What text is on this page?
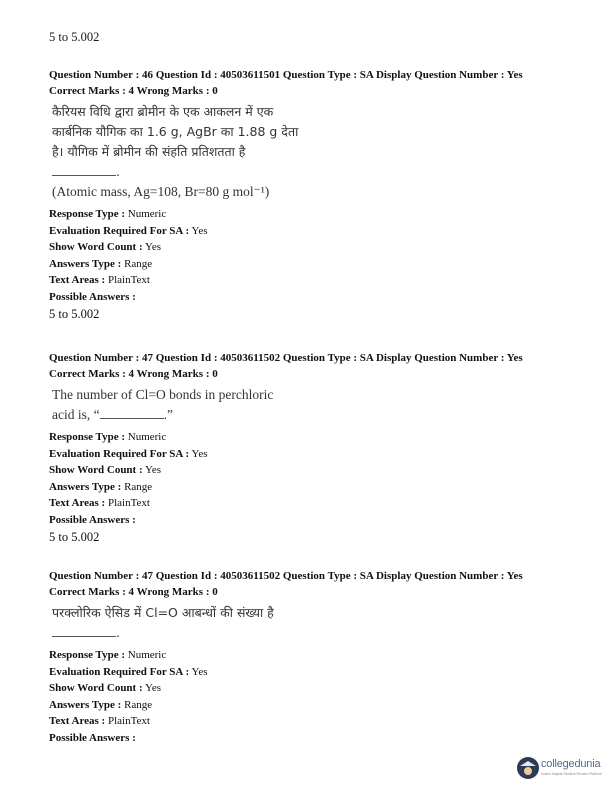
5 to 5.002
Question Number : 46 Question Id : 40503611501 Question Type : SA Display Question Number : Yes
Correct Marks : 4 Wrong Marks : 0
कैरियस विधि द्वारा ब्रोमीन के एक आकलन में एक
कार्बनिक यौगिक का 1.6 g, AgBr का 1.88 g देता
है। यौगिक में ब्रोमीन की संहति प्रतिशतता है
.
(Atomic mass, Ag=108, Br=80 g mol⁻¹)
Response Type : Numeric
Evaluation Required For SA : Yes
Show Word Count : Yes
Answers Type : Range
Text Areas : PlainText
Possible Answers :
5 to 5.002
Question Number : 47 Question Id : 40503611502 Question Type : SA Display Question Number : Yes
Correct Marks : 4 Wrong Marks : 0
The number of Cl=O bonds in perchloric
acid is, “	.”
Response Type : Numeric
Evaluation Required For SA : Yes
Show Word Count : Yes
Answers Type : Range
Text Areas : PlainText
Possible Answers :
5 to 5.002
Question Number : 47 Question Id : 40503611502 Question Type : SA Display Question Number : Yes
Correct Marks : 4 Wrong Marks : 0
परक्लोरिक ऐसिड में Cl=O आबन्धों की संख्या है
.
Response Type : Numeric
Evaluation Required For SA : Yes
Show Word Count : Yes
Answers Type : Range
Text Areas : PlainText
Possible Answers :
collegedunia
India's largest Student Review Platform
